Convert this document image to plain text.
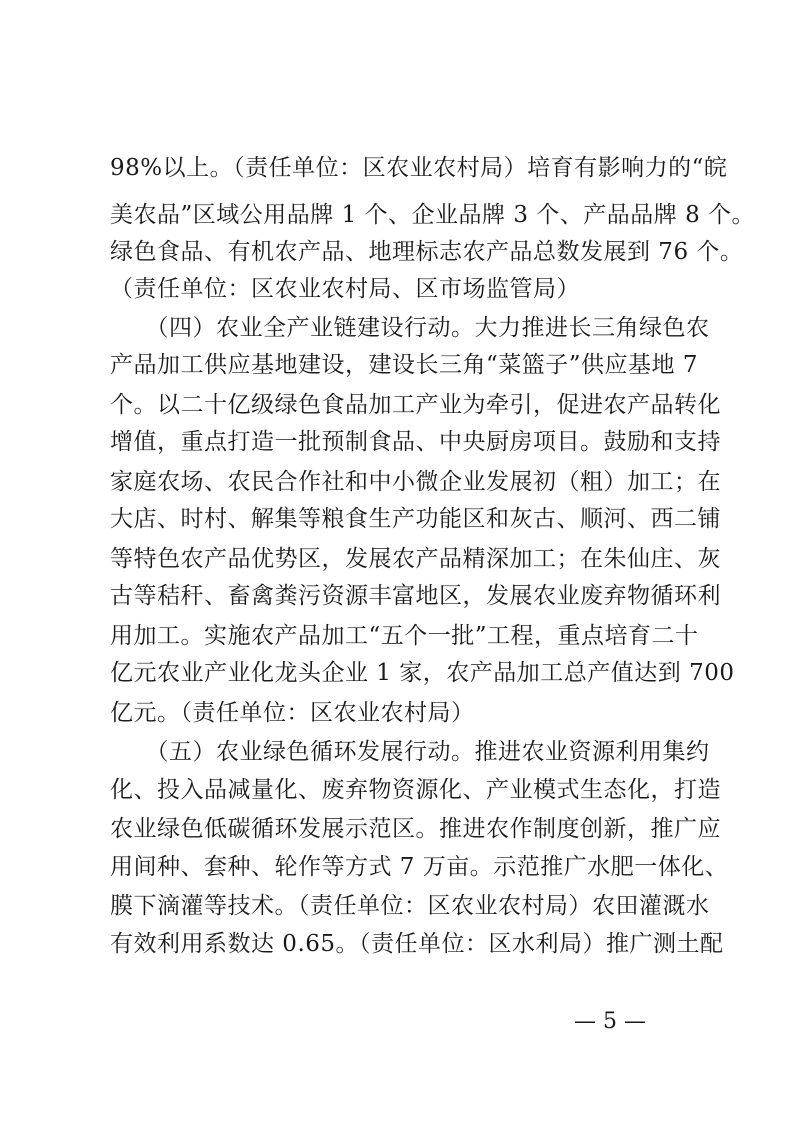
98%以上。（责任单位：区农业农村局）培育有影响力的“皖
美农品”区域公用品牌 1 个、企业品牌 3 个、产品品牌 8 个。
绿色食品、有机农产品、地理标志农产品总数发展到 76 个。
（责任单位：区农业农村局、区市场监管局）
　　（四）农业全产业链建设行动。大力推进长三角绿色农
产品加工供应基地建设，建设长三角“菜篮子”供应基地 7
个。以二十亿级绿色食品加工产业为牵引，促进农产品转化
增值，重点打造一批预制食品、中央厨房项目。鼓励和支持
家庭农场、农民合作社和中小微企业发展初（粗）加工；在
大店、时村、解集等粮食生产功能区和灰古、顺河、西二铺
等特色农产品优势区，发展农产品精深加工；在朱仙庄、灰
古等秸秆、畜禽粪污资源丰富地区，发展农业废弃物循环利
用加工。实施农产品加工“五个一批”工程，重点培育二十
亿元农业产业化龙头企业 1 家，农产品加工总产值达到 700
亿元。（责任单位：区农业农村局）
　　（五）农业绿色循环发展行动。推进农业资源利用集约
化、投入品减量化、废弃物资源化、产业模式生态化，打造
农业绿色低碳循环发展示范区。推进农作制度创新，推广应
用间种、套种、轮作等方式 7 万亩。示范推广水肥一体化、
膜下滴灌等技术。（责任单位：区农业农村局）农田灌溉水
有效利用系数达 0.65。（责任单位：区水利局）推广测土配
— 5 —
